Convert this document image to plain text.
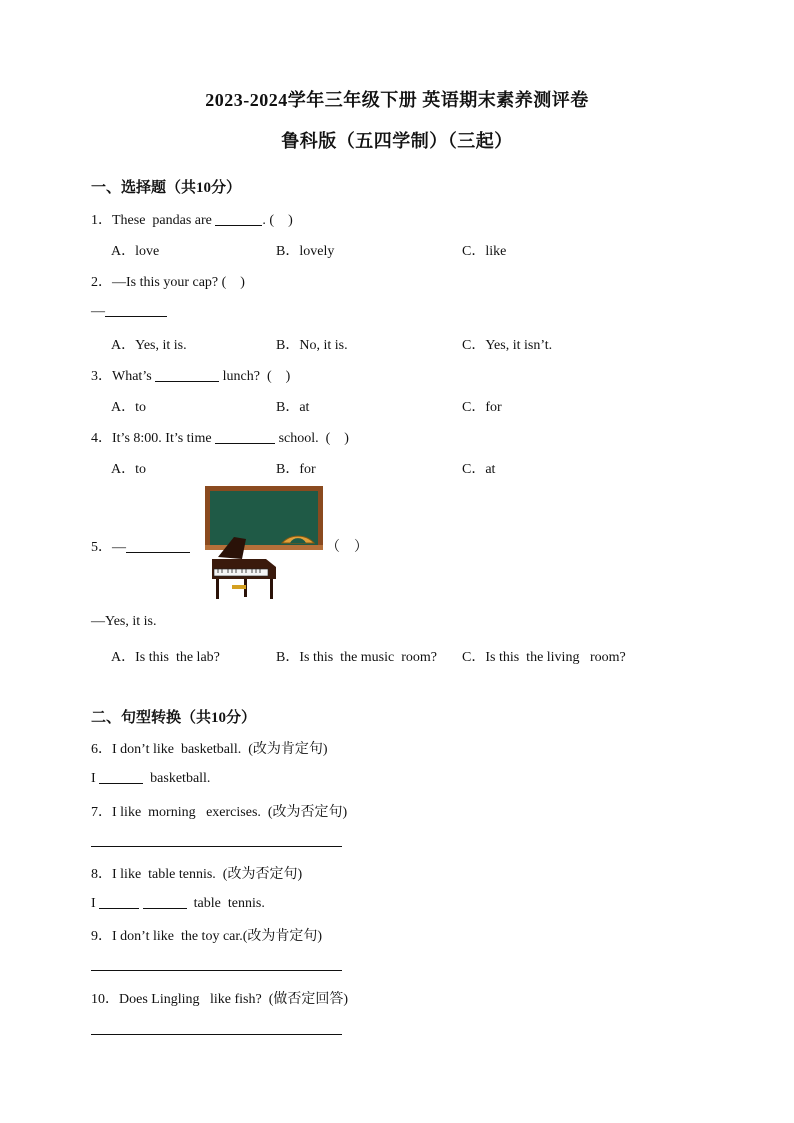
2023-2024学年三年级下册 英语期末素养测评卷
鲁科版（五四学制）（三起）
一、选择题（共10分）
1．These  pandas are	. (    )
A．love	B．lovely	C．like
2．—Is this your cap? (    )
—
A．Yes, it is.	B．No, it is.	C．Yes, it isn’t.
3．What’s	lunch?  (    )
A．to	B．at	C．for
4．It’s 8:00. It’s time	school.  (    )
A．to	B．for	C．at
5．—	（    ）
—Yes, it is.
A．Is this  the lab?	B．Is this  the music  room? C．Is this  the living   room?
二、句型转换（共10分）
6．I don’t like  basketball.  (改为肯定句)
I	basketball.
7．I like  morning   exercises.  (改为否定句)
8．I like  table tennis.  (改为否定句)
I	table  tennis.
9．I don’t like  the toy car.(改为肯定句)
10．Does Lingling   like fish?  (做否定回答)
